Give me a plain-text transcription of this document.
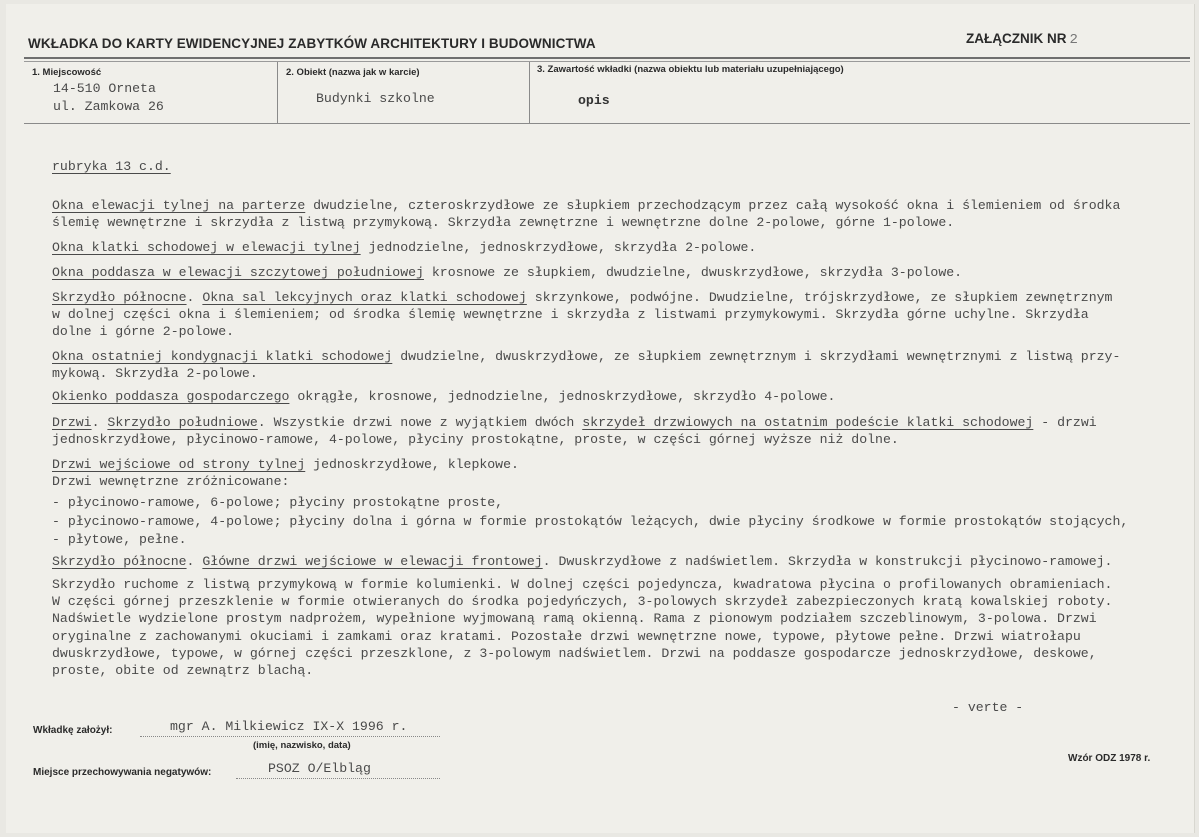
WKŁADKA DO KARTY EWIDENCYJNEJ ZABYTKÓW ARCHITEKTURY I BUDOWNICTWA	ZAŁĄCZNIK NR 2
1. Miejscowość
14-510 Orneta
ul. Zamkowa 26
2. Obiekt (nazwa jak w karcie)
Budynki szkolne
3. Zawartość wkładki (nazwa obiektu lub materiału uzupełniającego)
opis
rubryka 13 c.d.
Okna elewacji tylnej na parterze dwudzielne, czteroskrzydłowe ze słupkiem przechodzącym przez całą wysokość okna i ślemieniem od środka
ślemię wewnętrzne i skrzydła z listwą przymykową. Skrzydła zewnętrzne i wewnętrzne dolne 2-polowe, górne 1-polowe.
Okna klatki schodowej w elewacji tylnej jednodzielne, jednoskrzydłowe, skrzydła 2-polowe.
Okna poddasza w elewacji szczytowej południowej krosnowe ze słupkiem, dwudzielne, dwuskrzydłowe, skrzydła 3-polowe.
Skrzydło północne. Okna sal lekcyjnych oraz klatki schodowej skrzynkowe, podwójne. Dwudzielne, trójskrzydłowe, ze słupkiem zewnętrznym
w dolnej części okna i ślemieniem; od środka ślemię wewnętrzne i skrzydła z listwami przymykowymi. Skrzydła górne uchylne. Skrzydła
dolne i górne 2-polowe.
Okna ostatniej kondygnacji klatki schodowej dwudzielne, dwuskrzydłowe, ze słupkiem zewnętrznym i skrzydłami wewnętrznymi z listwą przy-
mykową. Skrzydła 2-polowe.
Okienko poddasza gospodarczego okrągłe, krosnowe, jednodzielne, jednoskrzydłowe, skrzydło 4-polowe.
Drzwi. Skrzydło południowe. Wszystkie drzwi nowe z wyjątkiem dwóch skrzydeł drzwiowych na ostatnim podeście klatki schodowej - drzwi
jednoskrzydłowe, płycinowo-ramowe, 4-polowe, płyciny prostokątne, proste, w części górnej wyższe niż dolne.
Drzwi wejściowe od strony tylnej jednoskrzydłowe, klepkowe.
Drzwi wewnętrzne zróżnicowane:
- płycinowo-ramowe, 6-polowe; płyciny prostokątne proste,
- płycinowo-ramowe, 4-polowe; płyciny dolna i górna w formie prostokątów leżących, dwie płyciny środkowe w formie prostokątów stojących,
- płytowe, pełne.
Skrzydło północne. Główne drzwi wejściowe w elewacji frontowej. Dwuskrzydłowe z nadświetlem. Skrzydła w konstrukcji płycinowo-ramowej.
Skrzydło ruchome z listwą przymykową w formie kolumienki. W dolnej części pojedyncza, kwadratowa płycina o profilowanych obramieniach.
W części górnej przeszklenie w formie otwieranych do środka pojedyńczych, 3-polowych skrzydeł zabezpieczonych kratą kowalskiej roboty.
Nadświetle wydzielone prostym nadprożem, wypełnione wyjmowaną ramą okienną. Rama z pionowym podziałem szczeblinowym, 3-polowa. Drzwi
oryginalne z zachowanymi okuciami i zamkami oraz kratami. Pozostałe drzwi wewnętrzne nowe, typowe, płytowe pełne. Drzwi wiatrołapu
dwuskrzydłowe, typowe, w górnej części przeszklone, z 3-polowym nadświetlem. Drzwi na poddasze gospodarcze jednoskrzydłowe, deskowe,
proste, obite od zewnątrz blachą.
- verte -
Wkładkę założył:	mgr A. Milkiewicz IX-X 1996 r.
(imię, nazwisko, data)
Miejsce przechowywania negatywów:	PSOZ O/Elbląg
Wzór ODZ 1978 r.
